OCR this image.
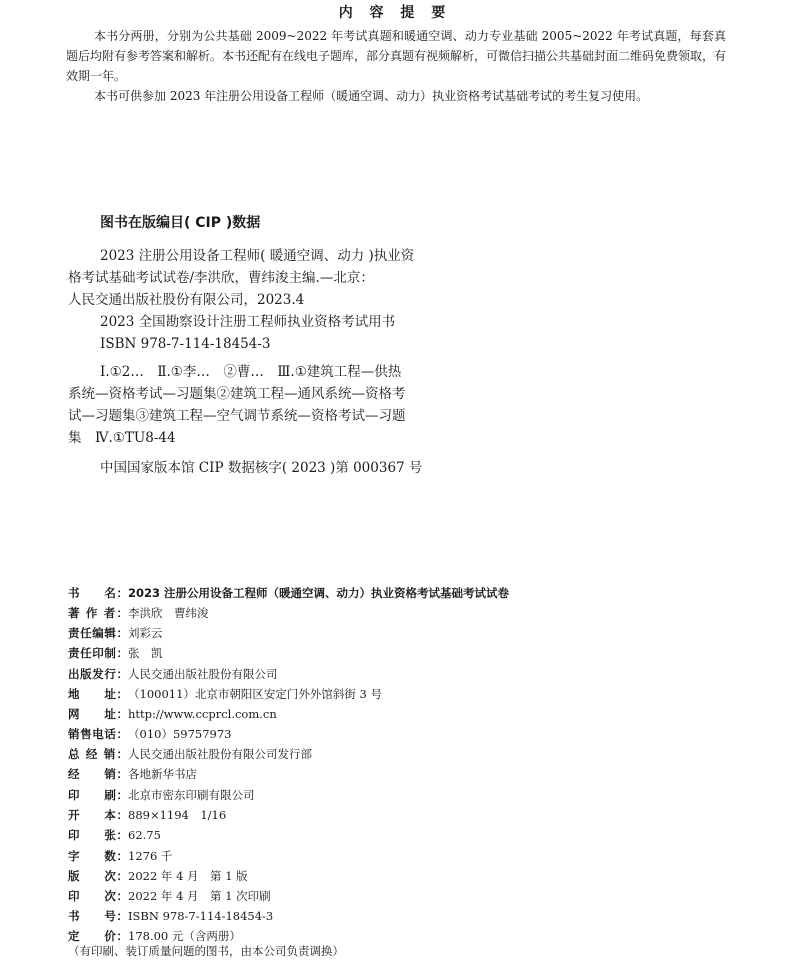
内 容 提 要
本书分两册，分别为公共基础 2009~2022 年考试真题和暖通空调、动力专业基础 2005~2022 年考试真题，每套真题后均附有参考答案和解析。本书还配有在线电子题库，部分真题有视频解析，可微信扫描公共基础封面二维码免费领取，有效期一年。
本书可供参加 2023 年注册公用设备工程师（暖通空调、动力）执业资格考试基础考试的考生复习使用。
图书在版编目( CIP )数据
2023 注册公用设备工程师( 暖通空调、动力 )执业资
格考试基础考试试卷/李洪欣，曹纬浚主编.—北京：
人民交通出版社股份有限公司，2023.4
2023 全国勘察设计注册工程师执业资格考试用书
ISBN 978-7-114-18454-3
Ⅰ.①2…　Ⅱ.①李…　②曹…　Ⅲ.①建筑工程—供热
系统—资格考试—习题集②建筑工程—通风系统—资格考
试—习题集③建筑工程—空气调节系统—资格考试—习题
集　Ⅳ.①TU8-44
中国国家版本馆 CIP 数据核字( 2023 )第 000367 号
书　　名：2023 注册公用设备工程师（暖通空调、动力）执业资格考试基础考试试卷
著 作 者：李洪欣　曹纬浚
责任编辑：刘彩云
责任印制：张　凯
出版发行：人民交通出版社股份有限公司
地　　址：（100011）北京市朝阳区安定门外外馆斜街 3 号
网　　址：http://www.ccprcl.com.cn
销售电话：（010）59757973
总 经 销：人民交通出版社股份有限公司发行部
经　　销：各地新华书店
印　　刷：北京市密东印刷有限公司
开　　本：889×1194　1/16
印　　张：62.75
字　　数：1276 千
版　　次：2022 年 4 月　第 1 版
印　　次：2022 年 4 月　第 1 次印刷
书　　号：ISBN 978-7-114-18454-3
定　　价：178.00 元（含两册）
（有印刷、装订质量问题的图书，由本公司负责调换）
